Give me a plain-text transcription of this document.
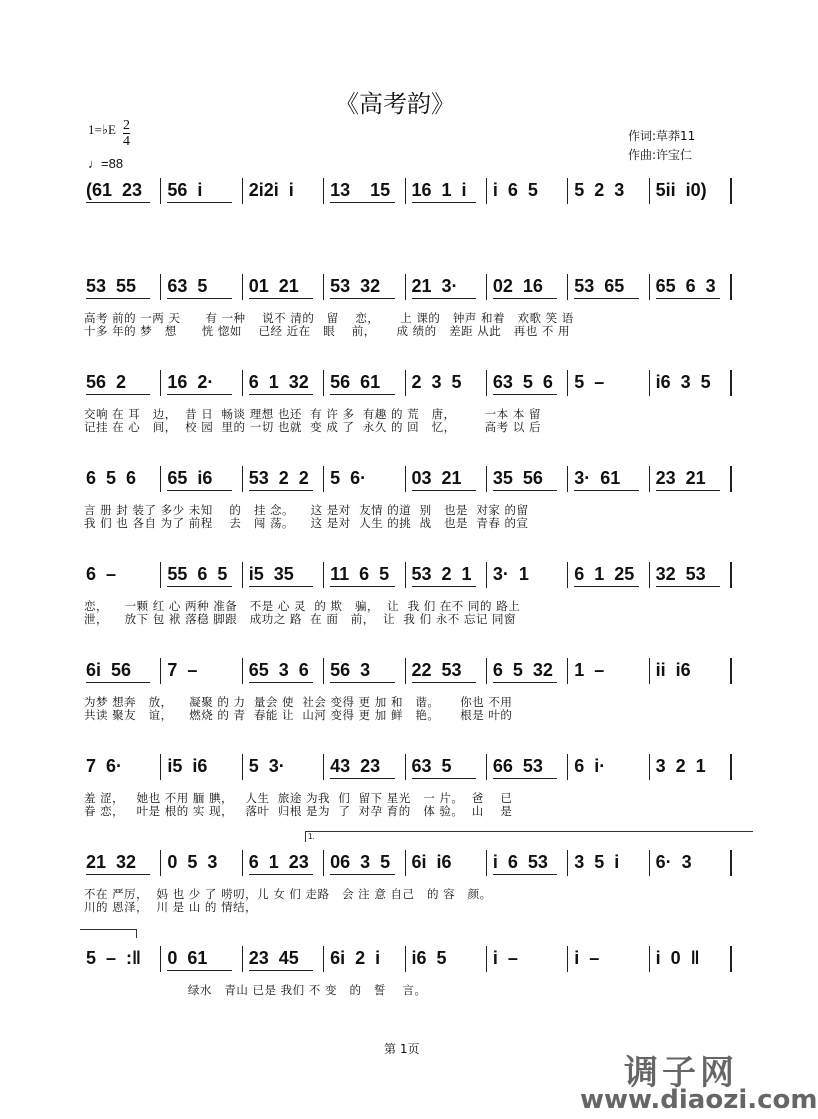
《高考韵》
1=♭E 2
4
♩=88
作词:草莽11
作曲:许宝仁
1.
(61  23	56  i	2i2i  i	13    15	16  1  i	i  6  5	5  2  3	5ii  i0)
53  55	63  5	01  21	53  32	21  3·	02  16	53  65	65  6  3
高考 前的 一两 天      有 一种    说不 清的   留    恋，     上 课的   钟声 和着   欢歌 笑 语
十多 年的 梦   想      恍 惚如    已经 近在   眼    前，     成 绩的   差距 从此   再也 不 用
56  2	16  2·	6  1  32	56  61	2  3  5	63  5  6	5  –	i6  3  5
交响 在 耳   边，  昔 日  畅谈 理想 也还  有 许 多  有趣 的 荒   唐，       一本 本 留
记挂 在 心   间，  校 园  里的 一切 也就  变 成 了  永久 的 回   忆，       高考 以 后
6  5  6	65  i6	53  2  2	5  6·	03  21	35  56	3·  61	23  21
言 册 封 装了 多少 未知    的   挂 念。    这 是对  友情 的道  别   也是  对家 的留
我 们 也 各自 为了 前程    去   闯 荡。    这 是对  人生 的挑  战   也是  青春 的宣
6  –	55  6  5	i5  35	11  6  5	53  2  1	3·  1	6  1  25	32  53
恋，    一颗 红 心 两种 准备   不是 心 灵  的 欺   骗，  让  我 们 在不 同的 路上
泄，    放下 包 袱 落稳 脚跟   成功之 路  在 面   前，  让  我 们 永不 忘记 同窗
6i  56	7  –	65  3  6	56  3	22  53	6  5  32	1  –	ii  i6
为梦 想奔   放，    凝聚 的 力  量会 使  社会 变得 更 加 和   谐。     你也 不用
共读 聚友   谊，    燃烧 的 青  春能 让  山河 变得 更 加 鲜   艳。     根是 叶的
7  6·	i5  i6	5  3·	43  23	63  5	66  53	6  i·	3  2  1
羞 涩，   她也 不用 腼 腆，   人生  旅途 为我  们  留下 星光   一 片。  爸    已
眷 恋，   叶是 根的 实 现，   落叶  归根 是为  了  对孕 育的   体 验。  山    是
21  32	0  5  3	6  1  23	06  3  5	6i  i6	i  6  53	3  5  i	6·  3
不在 严厉，  妈 也 少 了 唠叨，儿 女 们 走路   会 注 意 自己   的 容   颜。
川的 恩泽，  川 是 山 的 情结，
5  –  :‖	0  61	23  45	6i  2  i	i6  5	i  –	i  –	i  0  ‖
绿水   青山 已是 我们 不 变   的   誓    言。
第 1页
调子网
www.diaozi.com
